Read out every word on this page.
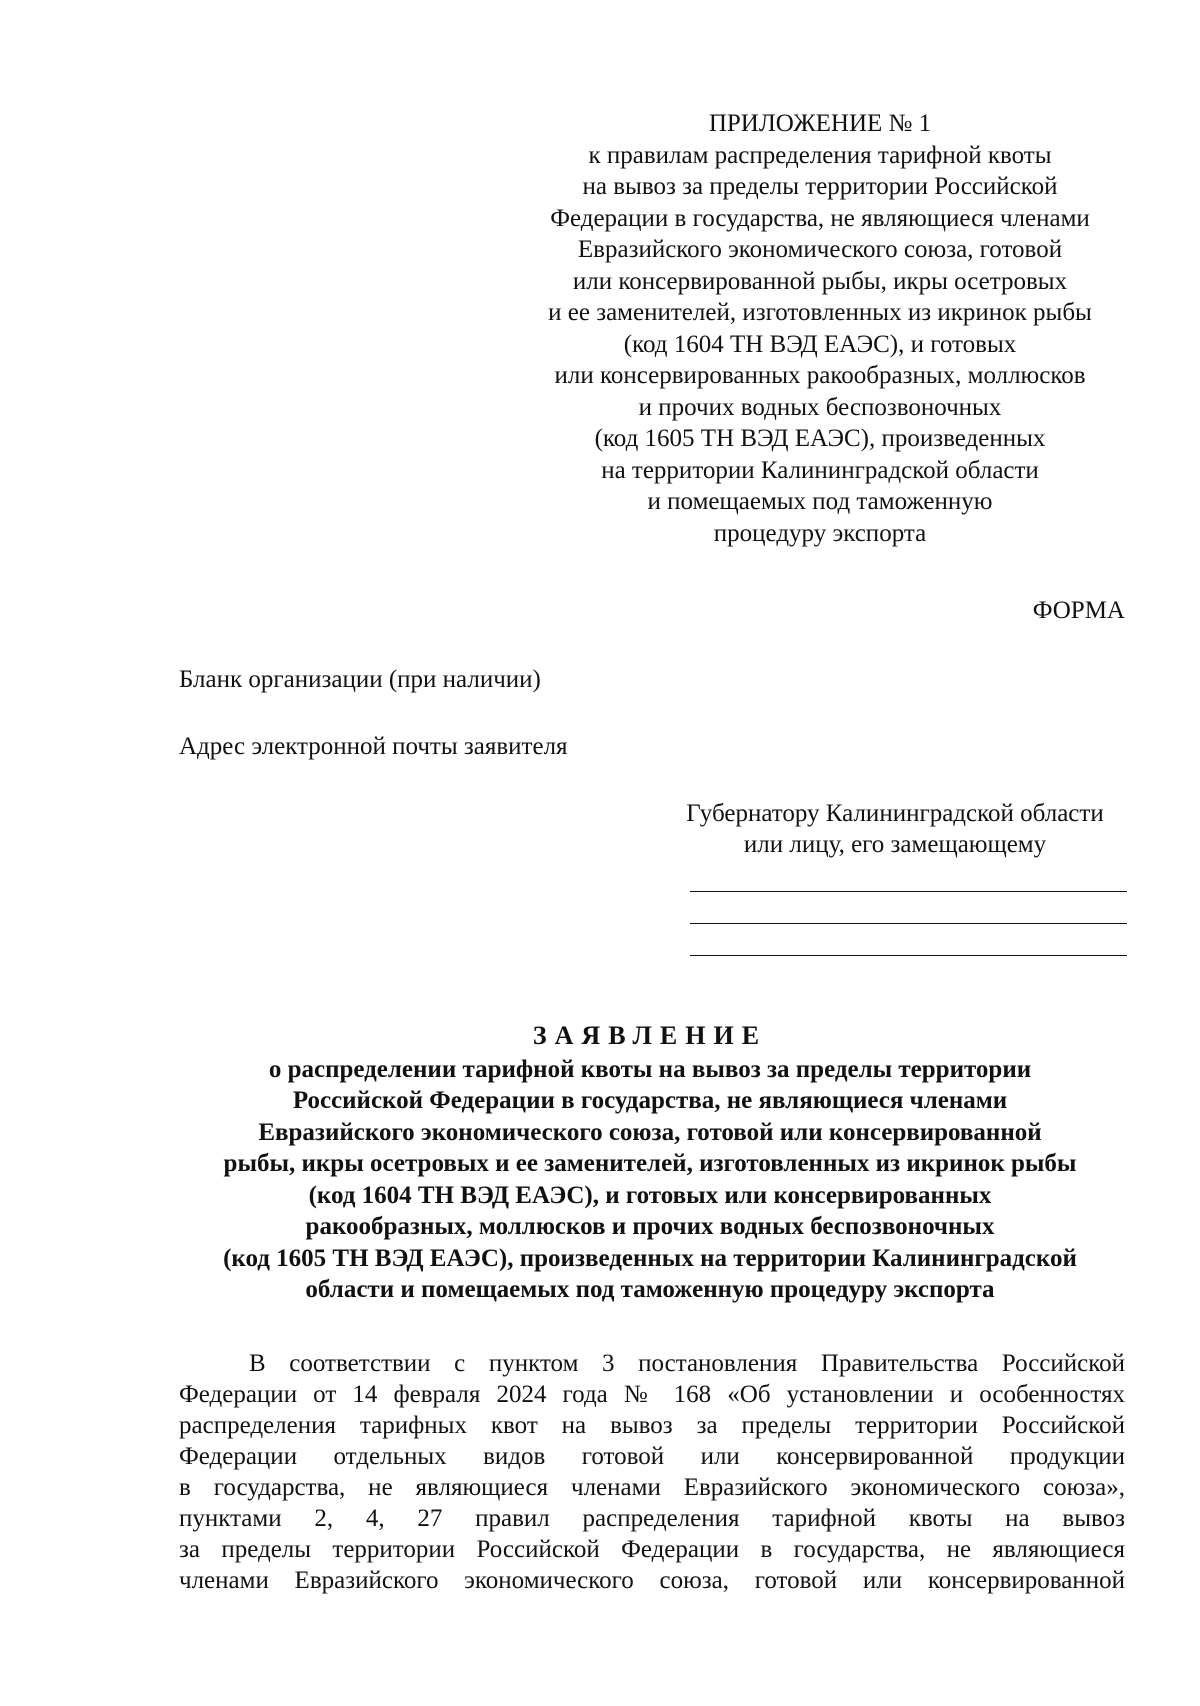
ПРИЛОЖЕНИЕ № 1
к правилам распределения тарифной квоты
на вывоз за пределы территории Российской
Федерации в государства, не являющиеся членами
Евразийского экономического союза, готовой
или консервированной рыбы, икры осетровых
и ее заменителей, изготовленных из икринок рыбы
(код 1604 ТН ВЭД ЕАЭС), и готовых
или консервированных ракообразных, моллюсков
и прочих водных беспозвоночных
(код 1605 ТН ВЭД ЕАЭС), произведенных
на территории Калининградской области
и помещаемых под таможенную
процедуру экспорта
ФОРМА
Бланк организации (при наличии)
Адрес электронной почты заявителя
Губернатору Калининградской области
или лицу, его замещающему
ЗАЯВЛЕНИЕ
о распределении тарифной квоты на вывоз за пределы территории
Российской Федерации в государства, не являющиеся членами
Евразийского экономического союза, готовой или консервированной
рыбы, икры осетровых и ее заменителей, изготовленных из икринок рыбы
(код 1604 ТН ВЭД ЕАЭС), и готовых или консервированных
ракообразных, моллюсков и прочих водных беспозвоночных
(код 1605 ТН ВЭД ЕАЭС), произведенных на территории Калининградской
области и помещаемых под таможенную процедуру экспорта
В соответствии с пунктом 3 постановления Правительства Российской
Федерации от 14 февраля 2024 года № 168 «Об установлении и особенностях
распределения тарифных квот на вывоз за пределы территории Российской
Федерации отдельных видов готовой или консервированной продукции
в государства, не являющиеся членами Евразийского экономического союза»,
пунктами 2, 4, 27 правил распределения тарифной квоты на вывоз
за пределы территории Российской Федерации в государства, не являющиеся
членами Евразийского экономического союза, готовой или консервированной
